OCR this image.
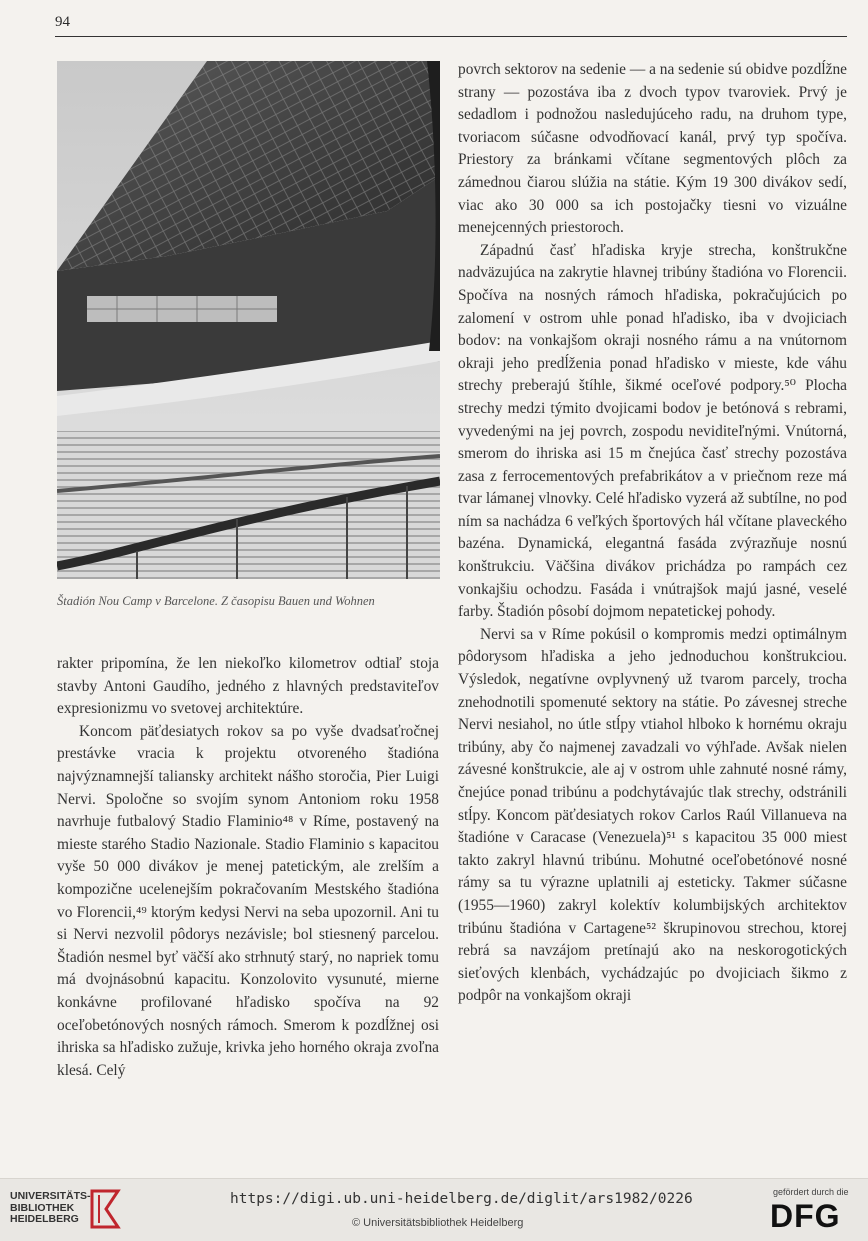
94
Štadión Nou Camp v Barcelone. Z časopisu Bauen und Wohnen

rakter pripomína, že len niekoľko kilometrov odtiaľ stoja stavby Antoni Gaudího, jedného z hlavných predstaviteľov expresionizmu vo svetovej architektúre.

Koncom päťdesiatych rokov sa po vyše dvadsaťročnej prestávke vracia k projektu otvoreného štadióna najvýznamnejší taliansky architekt nášho storočia, Pier Luigi Nervi. Spoločne so svojím synom Antoniom roku 1958 navrhuje futbalový Stadio Flaminio⁴⁸ v Ríme, postavený na mieste starého Stadio Nazionale. Stadio Flaminio s kapacitou vyše 50 000 divákov je menej patetickým, ale zrelším a kompozične ucelenejším pokračovaním Mestského štadióna vo Florencii,⁴⁹ ktorým kedysi Nervi na seba upozornil. Ani tu si Nervi nezvolil pôdorys nezávisle; bol stiesnený parcelou. Štadión nesmel byť väčší ako strhnutý starý, no napriek tomu má dvojnásobnú kapacitu. Konzolovito vysunuté, mierne konkávne profilované hľadisko spočíva na 92 oceľobetónových nosných rámoch. Smerom k pozdĺžnej osi ihriska sa hľadisko zužuje, krivka jeho horného okraja zvoľna klesá. Celý

povrch sektorov na sedenie — a na sedenie sú obidve pozdĺžne strany — pozostáva iba z dvoch typov tvaroviek. Prvý je sedadlom i podnožou nasledujúceho radu, na druhom type, tvoriacom súčasne odvodňovací kanál, prvý typ spočíva. Priestory za bránkami včítane segmentových plôch za zámednou čiarou slúžia na státie. Kým 19 300 divákov sedí, viac ako 30 000 sa ich postojačky tiesni vo vizuálne menejcenných priestoroch.

Západnú časť hľadiska kryje strecha, konštrukčne nadväzujúca na zakrytie hlavnej tribúny štadióna vo Florencii. Spočíva na nosných rámoch hľadiska, pokračujúcich po zalomení v ostrom uhle ponad hľadisko, iba v dvojiciach bodov: na vonkajšom okraji nosného rámu a na vnútornom okraji jeho predĺženia ponad hľadisko v mieste, kde váhu strechy preberajú štíhle, šikmé oceľové podpory.⁵⁰ Plocha strechy medzi týmito dvojicami bodov je betónová s rebrami, vyvedenými na jej povrch, zospodu neviditeľnými. Vnútorná, smerom do ihriska asi 15 m čnejúca časť strechy pozostáva zasa z ferrocementových prefabrikátov a v priečnom reze má tvar lámanej vlnovky. Celé hľadisko vyzerá až subtílne, no pod ním sa nachádza 6 veľkých športových hál včítane plaveckého bazéna. Dynamická, elegantná fasáda zvýrazňuje nosnú konštrukciu. Väčšina divákov prichádza po rampách cez vonkajšiu ochodzu. Fasáda i vnútrajšok majú jasné, veselé farby. Štadión pôsobí dojmom nepatetickej pohody.

Nervi sa v Ríme pokúsil o kompromis medzi optimálnym pôdorysom hľadiska a jeho jednoduchou konštrukciou. Výsledok, negatívne ovplyvnený už tvarom parcely, trocha znehodnotili spomenuté sektory na státie. Po závesnej streche Nervi nesiahol, no útle stĺpy vtiahol hlboko k hornému okraju tribúny, aby čo najmenej zavadzali vo výhľade. Avšak nielen závesné konštrukcie, ale aj v ostrom uhle zahnuté nosné rámy, čnejúce ponad tribúnu a podchytávajúc tlak strechy, odstránili stĺpy. Koncom päťdesiatych rokov Carlos Raúl Villanueva na štadióne v Caracase (Venezuela)⁵¹ s kapacitou 35 000 miest takto zakryl hlavnú tribúnu. Mohutné oceľobetónové nosné rámy sa tu výrazne uplatnili aj esteticky. Takmer súčasne (1955—1960) zakryl kolektív kolumbijských architektov tribúnu štadióna v Cartagene⁵² škrupinovou strechou, ktorej rebrá sa navzájom pretínajú ako na neskorogotických sieťových klenbách, vychádzajúc po dvojiciach šikmo z podpôr na vonkajšom okraji

UNIVERSITÄTS-
BIBLIOTHEK
HEIDELBERG
https://digi.ub.uni-heidelberg.de/diglit/ars1982/0226
© Universitätsbibliothek Heidelberg
gefördert durch die
DFG
